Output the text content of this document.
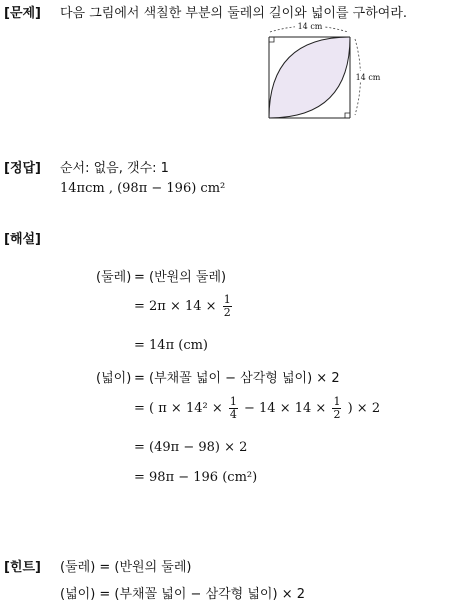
[문제] 다음 그림에서 색칠한 부분의 둘레의 길이와 넓이를 구하여라.
14 cm
14 cm
[정답] 순서: 없음, 갯수: 1
14πcm , (98π − 196) cm²
[해설]
(둘레) = (반원의 둘레)
= $2\pi \times 14 \times \frac{1}{2}$
= 14π (cm)
(넓이) = (부채꼴 넓이 − 삼각형 넓이) × 2
= ( $\pi \times 14^2 \times \frac{1}{4} - 14 \times 14 \times \frac{1}{2}$ ) × 2
= (49π − 98) × 2
= 98π − 196 (cm²)
[힌트] (둘레) = (반원의 둘레)
(넓이) = (부채꼴 넓이 − 삼각형 넓이) × 2
